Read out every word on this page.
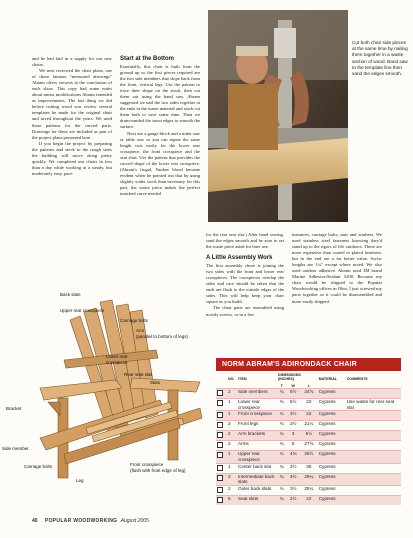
and he had laid in a supply for our new chairs.

We next reviewed the chair plans, one of those famous “measured drawings” Abram offers viewers at the conclusion of each show. This copy had some notes about minor modifications Abram intended as improvements. The last thing we did before cutting wood was review several templates he made for the original chair and saved throughout the years. We used these patterns for the curved parts. Drawings for these are included as part of the project plans presented here.

If you begin the project by preparing the patterns and stock to the rough sizes the building will move along pretty quickly. We completed our chairs in less than a day while working at a steady, but moderately easy, pace.

Start at the Bottom

Essentially, this chair is built from the ground up so the first pieces required are the two side members that slope back from the front, vertical legs. Use the pattern to trace their shape on the stock, then cut them out using the band saw. Abram suggested we nail the two sides together at the ends in the waste material and stack cut them both to save some time. Then we drum-sanded the sawn edges to smooth the surface.

Next use a gauge block and a miter saw or table saw so you can repeat the same length cuts easily for the lower rear crosspiece, the front crosspiece and the seat slats. Use the pattern that provides the curved shape of the lower rear crosspiece. (Abram's frugal, Yankee blood became evident when he pointed out that by using slightly wider stock than necessary for this part, the waste piece makes the perfect matched curve needed

for the rear seat slat.) After band sawing, sand the edges smooth and be sure to set the waste piece aside for later use.

A Little Assembly Work

The first assembly chore is joining the two sides with the front and lower rear crosspieces. The crosspieces overlap the sides and care should be taken that the ends are flush to the outside edges of the sides. This will help keep your chair square as you build.

The chair parts are assembled using mostly screws, or in a few

instances, carriage bolts, nuts and washers. We used stainless steel fasteners knowing they'd stand up to the rigors of life outdoors. These are more expensive than coated or plated fasteners, but in the end are a far better value. Screw lengths are 1¼" except where noted. We also used outdoor adhesive. Abram used 3M brand Marine Adhesive/Sealant 5200. Because my chair would be shipped to the Popular Woodworking offices in Ohio, I just screwed my parts together so it could be disassembled and more easily shipped.

Cut both chair side pieces at the same time by nailing them together in a waste section of wood. Band saw to the template line then sand the edges smooth.
Back slats
Upper rear crosspiece
Carriage bolts
Arm
(parallel to bottom of legs)
Lower rear
crosspiece
Rear seat slat
Slats
Bracket
Side member
Carriage bolts
Leg
Front crosspiece
(flush with front edge of leg)
NORM ABRAM'S ADIRONDACK CHAIR
	NO.	ITEM	DIMENSIONS (INCHES)			MATERIAL	COMMENTS
			T	W	L		
	2	Side members	¾	5½	34⅝	Cypress	
	1	Lower rear crosspiece	¾	5½	22	Cypress	Use waste for rear seat slat
	1	Front crosspiece	¾	3½	22	Cypress	
	2	Front legs	¾	3½	21¼	Cypress	
	2	Arm brackets	¾	3	6½	Cypress	
	2	Arms	¾	5	27⅝	Cypress	
	1	Upper rear crosspiece	¾	4¾	26½	Cypress	
	1	Center back slat	¾	3½	35	Cypress	
	2	Intermediate back slats	¾	3½	29¾	Cypress	
	2	Outer back slats	¾	3½	25¼	Cypress	
	5	Seat slats	¾	2½	22	Cypress	
40 POPULAR WOODWORKING August 2005
